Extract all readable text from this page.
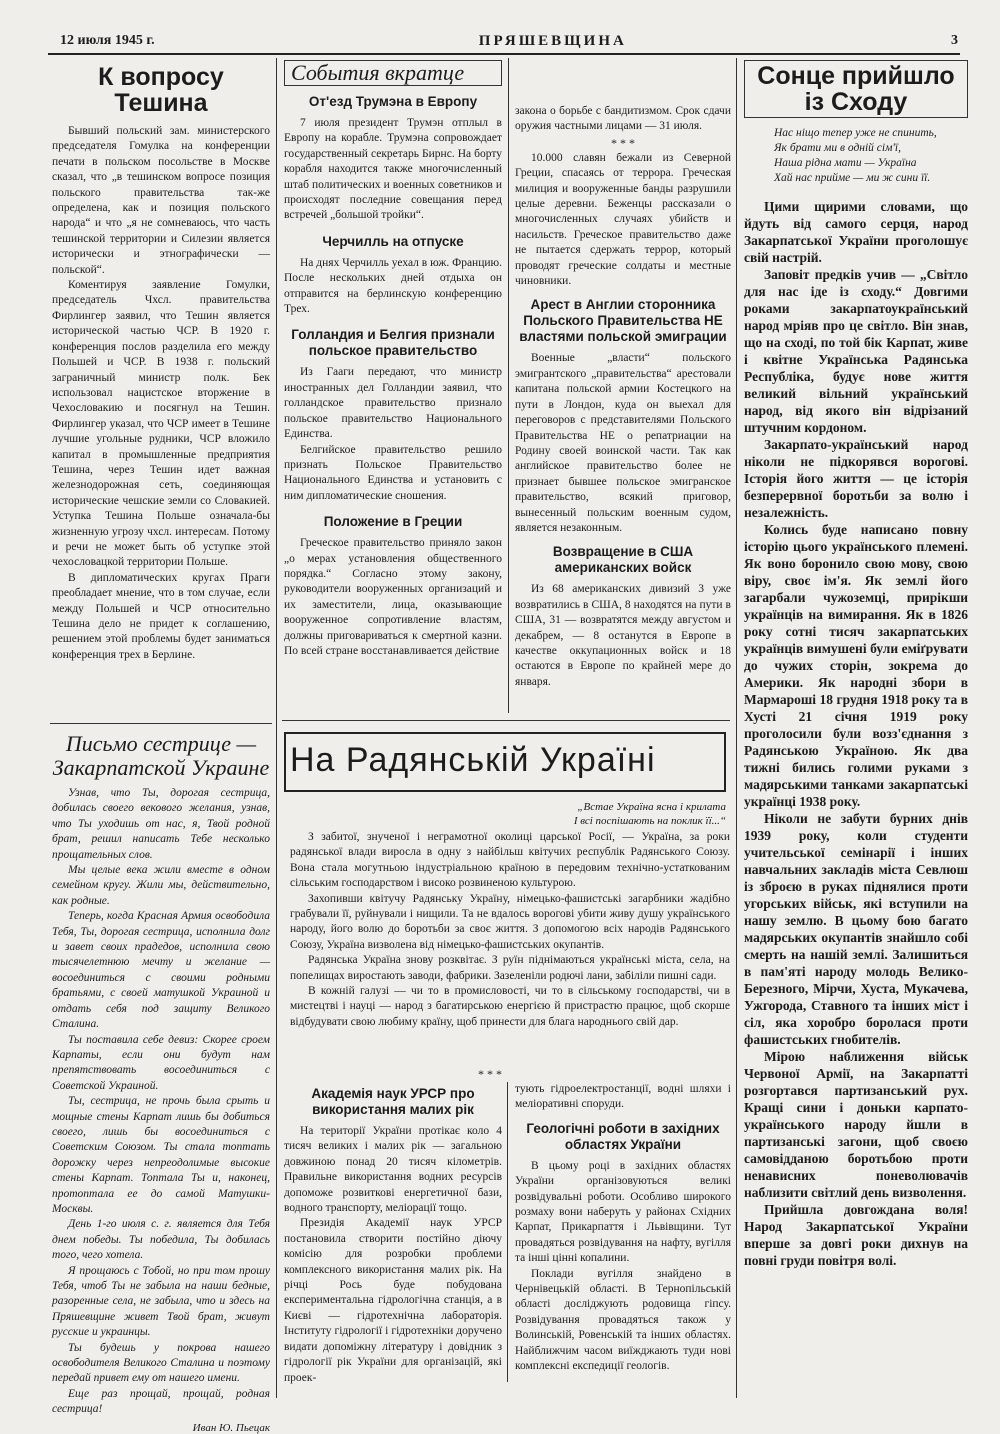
12 июля 1945 г.	ПРЯШЕВЩИНА	3
К вопросу Тешина

Бывший польский зам. министерского председателя Гомулка на конференции печати в польском посольстве в Москве сказал, что „в тешинском вопросе позиция польского правительства так-же определена, как и позиция польского народа“ и что „я не сомневаюсь, что часть тешинской территории и Силезии является исторически и этнографически — польской“.

Коментируя заявление Гомулки, председатель Чхсл. правительства Фирлингер заявил, что Тешин является исторической частью ЧСР. В 1920 г. конференция послов разделила его между Польшей и ЧСР. В 1938 г. польский заграничный министр полк. Бек использовал нацистское вторжение в Чехословакию и посягнул на Тешин. Фирлингер указал, что ЧСР имеет в Тешине лучшие угольные рудники, ЧСР вложило капитал в промышленные предприятия Тешина, через Тешин идет важная железнодорожная сеть, соединяющая исторические чешские земли со Словакией. Уступка Тешина Польше означала-бы жизненную угрозу чхсл. интересам. Потому и речи не может быть об уступке этой чехословацкой территории Польше.

В дипломатических кругах Праги преобладает мнение, что в том случае, если между Польшей и ЧСР относительно Тешина дело не придет к соглашению, решением этой проблемы будет заниматься конференция трех в Берлине.

Письмо сестрице — Закарпатской Украине

Узнав, что Ты, дорогая сестрица, добилась своего векового желания, узнав, что Ты уходишь от нас, я, Твой родной брат, решил написать Тебе несколько прощательных слов.

Мы целые века жили вместе в одном семейном кругу. Жили мы, действительно, как родные.

Теперь, когда Красная Армия освободила Тебя, Ты, дорогая сестрица, исполнила долг и завет своих прадедов, исполнила свою тысячелетнюю мечту и желание — восоединиться с своими родными братьями, с своей матушкой Украиной и отдать себя под защиту Великого Сталина.

Ты поставила себе девиз: Скорее сроем Карпаты, если они будут нам препятствовать восоединиться с Советской Украиной.

Ты, сестрица, не прочь была срыть и мощные стены Карпат лишь бы добиться своего, лишь бы восоединиться с Советским Союзом. Ты стала топтать дорожку через непреодолимые высокие стены Карпат. Топтала Ты и, наконец, протоптала ее до самой Матушки-Москвы.

День 1-го июля с. г. является для Тебя днем победы. Ты победила, Ты добилась того, чего хотела.

Я прощаюсь с Тобой, но при том прошу Тебя, чтоб Ты не забыла на наши бедные, разоренные села, не забыла, что и здесь на Пряшевщине живет Твой брат, живут русские и украинцы.

Ты будешь у покрова нашего освободителя Великого Сталина и поэтому передай привет ему от нашего имени.

Еще раз прощай, прощай, родная сестрица!

Иван Ю. Пьецак
События вкратце
От'езд Трумэна в Европу

7 июля президент Трумэн отплыл в Европу на корабле. Трумэна сопровождает государственный секретарь Бирнс. На борту корабля находится также многочисленный штаб политических и военных советников и происходят последние совещания перед встречей „большой тройки“.

Черчилль на отпуске

На днях Черчилль уехал в юж. Францию. После нескольких дней отдыха он отправится на берлинскую конференцию Трех.

Голландия и Белгия признали польское правительство

Из Гааги передают, что министр иностранных дел Голландии заявил, что голландское правительство признало польское правительство Национального Единства.

Белгийское правительство решило признать Польское Правительство Национального Единства и установить с ним дипломатические сношения.

Положение в Греции

Греческое правительство приняло закон „о мерах установления общественного порядка.“ Согласно этому закону, руководители вооруженных организаций и их заместители, лица, оказывающие вооруженное сопротивление властям, должны приговариваться к смертной казни. По всей стране восстанавливается действие

закона о борьбе с бандитизмом. Срок сдачи оружия частными лицами — 31 июля.

* * *

10.000 славян бежали из Северной Греции, спасаясь от террора. Греческая милиция и вооруженные банды разрушили целые деревни. Беженцы рассказали о многочисленных случаях убийств и насильств. Греческое правительство даже не пытается сдержать террор, который проводят греческие солдаты и местные чиновники.

Арест в Англии сторонника Польского Правительства НЕ властями польской эмиграции

Военные „власти“ польского эмигрантского „правительства“ арестовали капитана польской армии Костецкого на пути в Лондон, куда он выехал для переговоров с представителями Польского Правительства НЕ о репатриации на Родину своей воинской части. Так как английское правительство более не признает бывшее польское эмигранское правительство, всякий приговор, вынесенный польским военным судом, является незаконным.

Возвращение в США американских войск

Из 68 американских дивизий 3 уже возвратились в США, 8 находятся на пути в США, 31 — возвратятся между августом и декабрем, — 8 останутся в Европе в качестве оккупационных войск и 18 остаются в Европе по крайней мере до января.

На Радянській Україні
„Встае Україна ясна і крилата
І всі поспішають на поклик її...“

З забитої, знученої і неграмотної околиці царської Росії, — Україна, за роки радянської влади виросла в одну з найбільш квітучих республік Радянського Союзу. Вона стала могутньою індустріальною країною в передовим технічно-устаткованим сільським господарством і високо розвиненою культурою.

Захопивши квітучу Радянську Україну, німецько-фашистські загарбники жадібно грабували її, руйнували і нищили. Та не вдалось ворогові убити живу душу українського народу, його волю до боротьби за своє життя. З допомогою всіх народів Радянського Союзу, Україна визволена від німецько-фашистських окупантів.

Радянська Україна знову розквітає. З руїн піднімаються українські міста, села, на попелищах виростають заводи, фабрики. Зазеленіли родючі лани, забіліли пишні сади.

В кожній галузі — чи то в промисловості, чи то в сільському господарстві, чи в мистецтві і науці — народ з багатирською енергією й пристрастю працює, щоб скорше відбудувати свою любиму країну, щоб принести для блага народнього свій дар.

* * *
Академія наук УРСР про використання малих рік

На території України протікає коло 4 тисяч великих і малих рік — загальною довжиною понад 20 тисяч кілометрів. Правильне використання водних ресурсів допоможе розвиткові енергетичної бази, водного транспорту, меліорації тощо.

Президія Академії наук УРСР постановила створити постійно діючу комісію для розробки проблеми комплексного використання малих рік. На річці Рось буде побудована експериментальна гідрологічна станція, а в Києві — гідротехнічна лабораторія. Інституту гідрології і гідротехніки доручено видати допоміжну літературу і довідник з гідрології рік України для організацій, які проек-

тують гідроелектростанції, водні шляхи і меліоративні споруди.

Геологічні роботи в західних областях України

В цьому році в західних областях України організовуються великі розвідувальні роботи. Особливо широкого розмаху вони наберуть у районах Східних Карпат, Прикарпаття і Львівщини. Тут провадяться розвідування на нафту, вугілля та інші цінні копалини.

Поклади вугілля знайдено в Чернівецькій області. В Тернопільській області досліджують родовища гіпсу. Розвідування провадяться також у Волинській, Ровенській та інших областях. Найближчим часом виїжджають туди нові комплексні експедиції геологів.

Сонце прийшло із Сходу
Нас ніщо тепер уже не спинить,
Як брати ми в одній сім'ї,
Наша рідна мати — Україна
Хай нас прийме — ми ж сини її.

Цими щирими словами, що йдуть від самого серця, народ Закарпатської України проголошує свій настрій.

Заповіт предків учив — „Світло для нас іде із сходу.“ Довгими роками закарпатоукраїнський народ мріяв про це світло. Він знав, що на сході, по той бік Карпат, живе і квітне Українська Радянська Республіка, будує нове життя великий вільний український народ, від якого він відрізаний штучним кордоном.

Закарпато-український народ ніколи не підкорявся ворогові. Історія його життя — це історія безперервної боротьби за волю і незалежність.

Колись буде написано повну історію цього українського племені. Як воно боронило свою мову, свою віру, своє ім'я. Як землі його загарбали чужоземці, прирікши українців на вимирання. Як в 1826 року сотні тисяч закарпатських українців вимушені були еміґрувати до чужих сторін, зокрема до Америки. Як народні збори в Мармароші 18 грудня 1918 року та в Хусті 21 січня 1919 року проголосили були возз'єднання з Радянською Україною. Як два тижні бились голими руками з мадярськими танками закарпатські українці 1938 року.

Ніколи не забути бурних днів 1939 року, коли студенти учительської семінарії і інших навчальних закладів міста Севлюш із зброєю в руках піднялися проти угорських військ, які вступили на нашу землю. В цьому бою багато мадярських окупантів знайшло собі смерть на нашій землі. Залишиться в пам'яті народу молодь Велико-Березного, Мірчи, Хуста, Мукачева, Ужгорода, Ставного та інших міст і сіл, яка хоробро боролася проти фашистських гнобителів.

Мірою наближення військ Червоної Армії, на Закарпатті розгортався партизанський рух. Кращі сини і доньки карпато-українського народу йшли в партизанські загони, щоб своєю самовідданою боротьбою проти ненависних поневолювачів наблизити світлий день визволення.

Прийшла довгождана воля! Народ Закарпатської України вперше за довгі роки дихнув на повні груди повітря волі.
